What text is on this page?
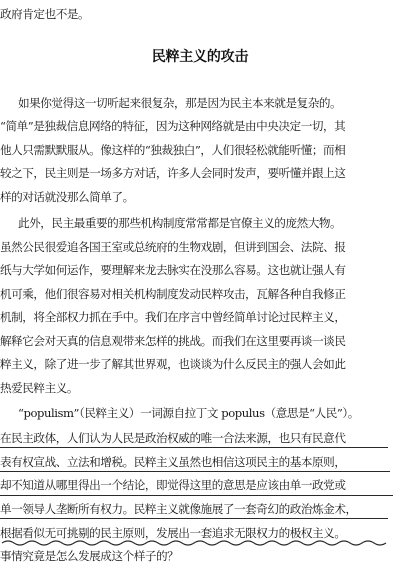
政府肯定也不是。
民粹主义的攻击
如果你觉得这一切听起来很复杂，那是因为民主本来就是复杂的。
“简单”是独裁信息网络的特征，因为这种网络就是由中央决定一切，其
他人只需默默服从。像这样的“独裁独白”，人们很轻松就能听懂；而相
较之下，民主则是一场多方对话，许多人会同时发声，要听懂并跟上这
样的对话就没那么简单了。
此外，民主最重要的那些机构制度常常都是官僚主义的庞然大物。
虽然公民很爱追各国王室或总统府的生物戏剧，但讲到国会、法院、报
纸与大学如何运作，要理解来龙去脉实在没那么容易。这也就让强人有
机可乘，他们很容易对相关机构制度发动民粹攻击，瓦解各种自我修正
机制，将全部权力抓在手中。我们在序言中曾经简单讨论过民粹主义，
解释它会对天真的信息观带来怎样的挑战。而我们在这里要再谈一谈民
粹主义，除了进一步了解其世界观，也谈谈为什么反民主的强人会如此
热爱民粹主义。
“populism”（民粹主义）一词源自拉丁文 populus（意思是“人民”）。
在民主政体，人们认为人民是政治权威的唯一合法来源，也只有民意代
表有权宣战、立法和增税。民粹主义虽然也相信这项民主的基本原则，
却不知道从哪里得出一个结论，即觉得这里的意思是应该由单一政党或
单一领导人垄断所有权力。民粹主义就像施展了一套奇幻的政治炼金术，
根据看似无可挑剔的民主原则，发展出一套追求无限权力的极权主义。
事情究竟是怎么发展成这个样子的？
